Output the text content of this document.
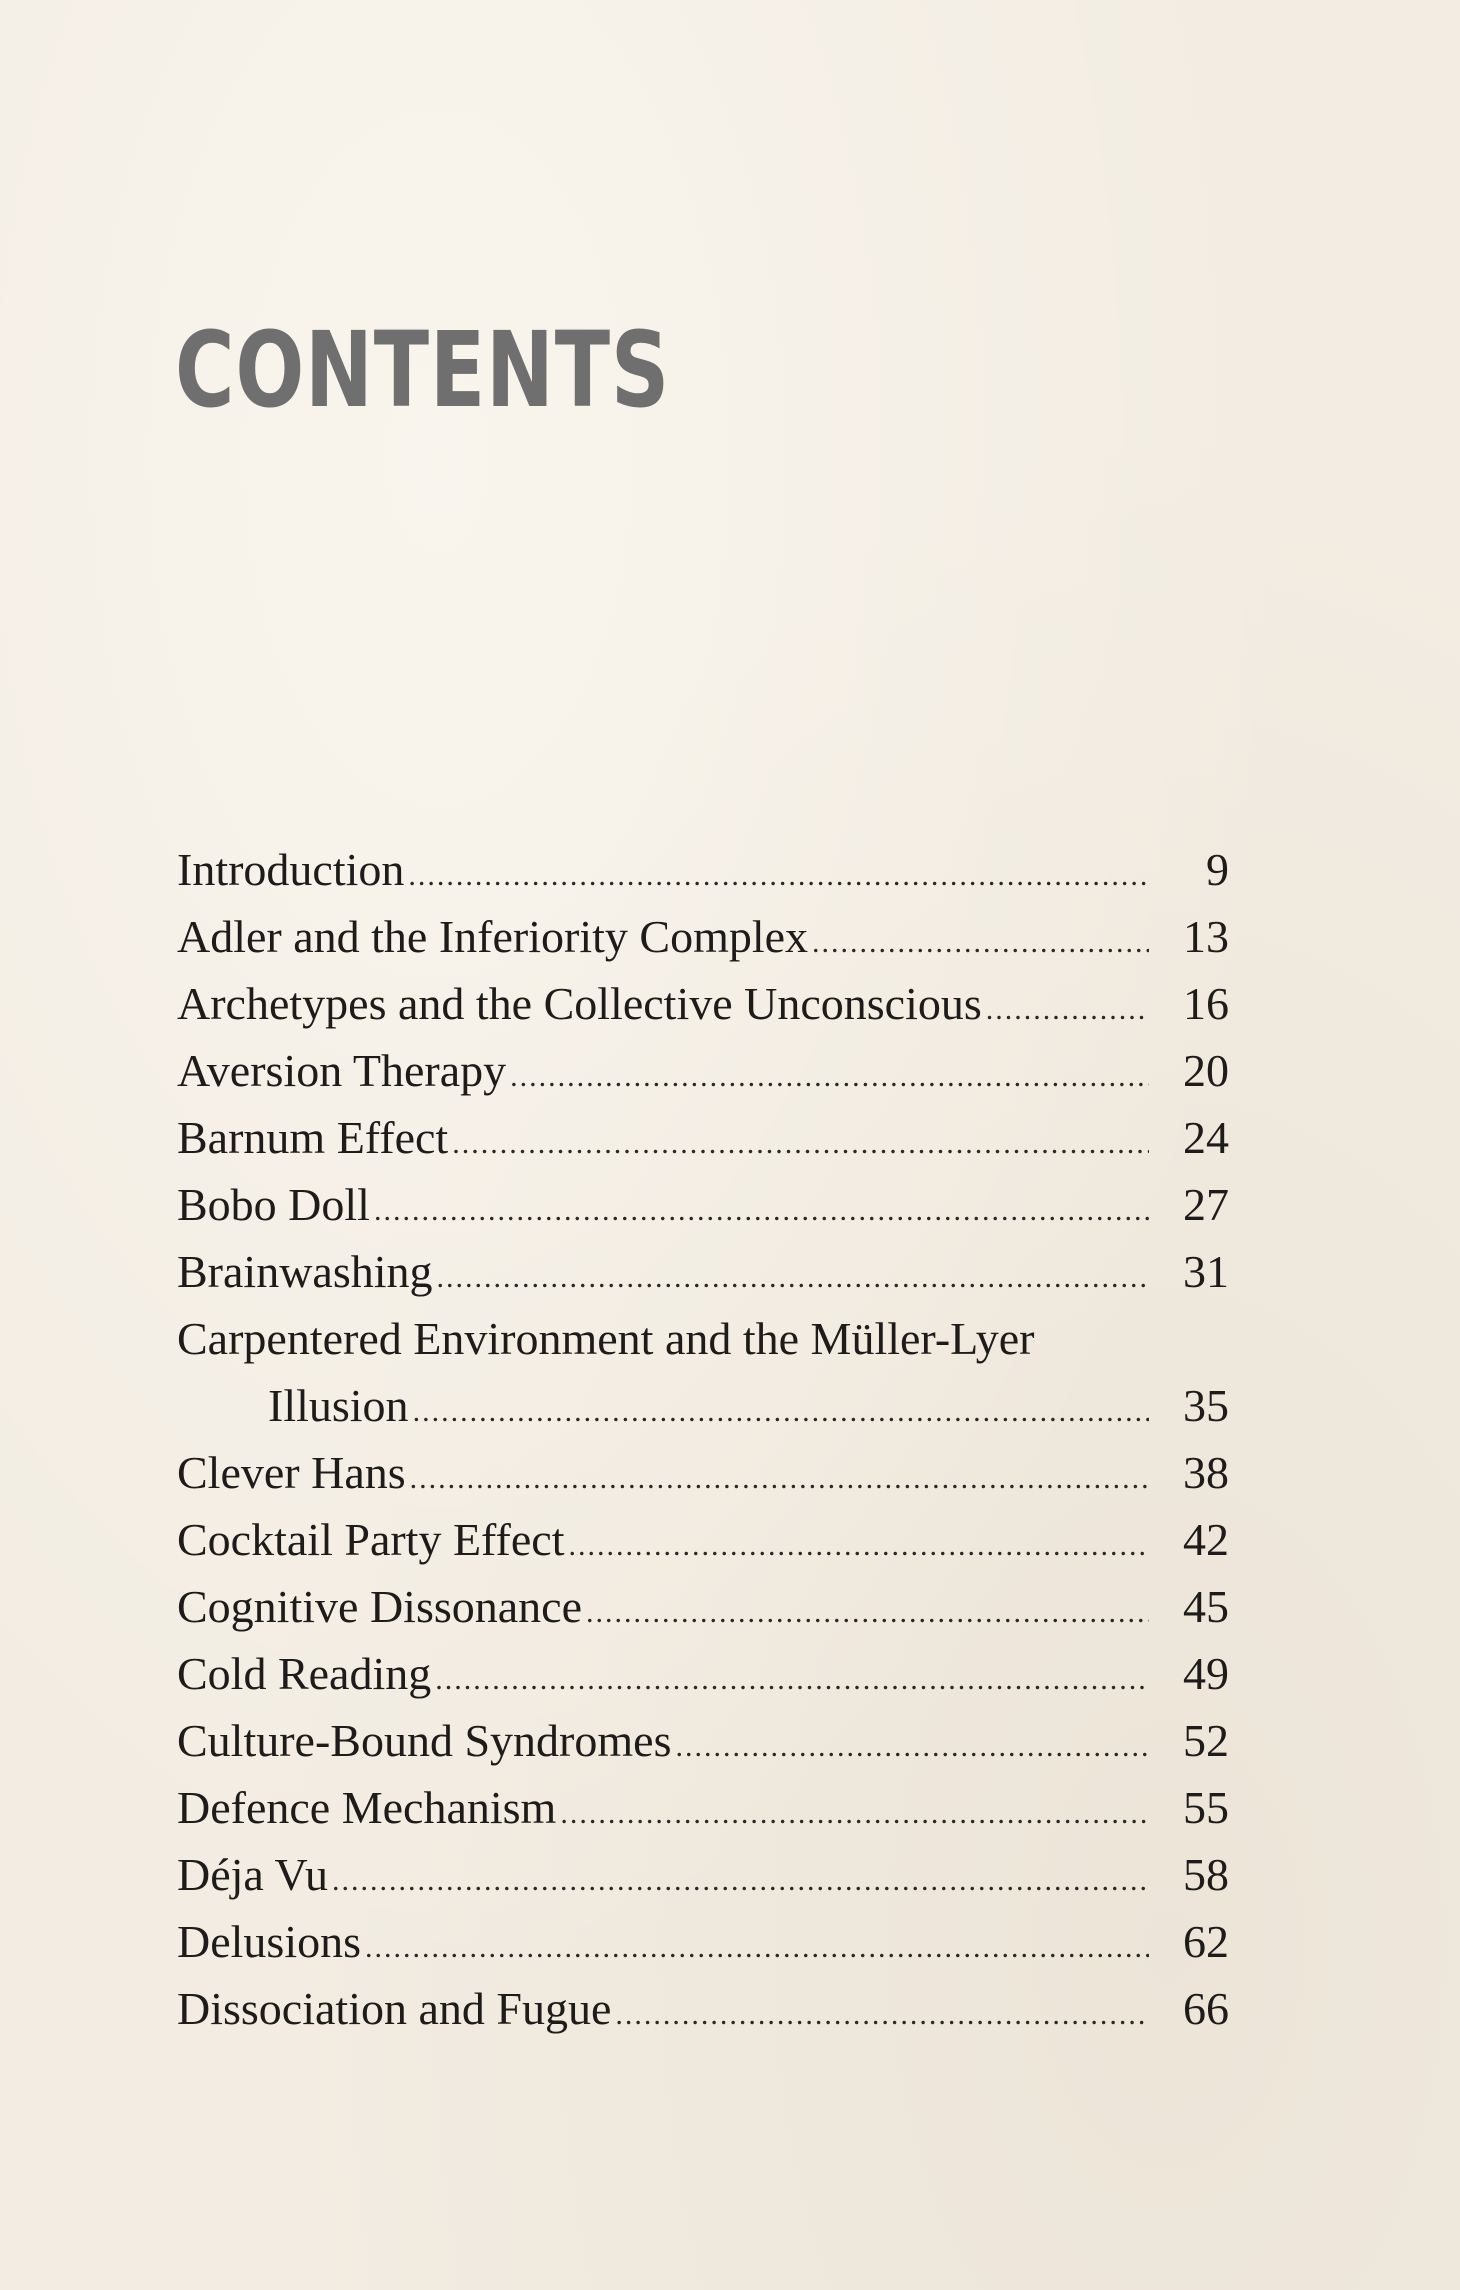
CONTENTS
Introduction .....	9
Adler and the Inferiority Complex .....	13
Archetypes and the Collective Unconscious .....	16
Aversion Therapy .....	20
Barnum Effect .....	24
Bobo Doll .....	27
Brainwashing .....	31
Carpentered Environment and the Müller-Lyer
Illusion .....	35
Clever Hans .....	38
Cocktail Party Effect .....	42
Cognitive Dissonance .....	45
Cold Reading .....	49
Culture-Bound Syndromes .....	52
Defence Mechanism .....	55
Déja Vu .....	58
Delusions .....	62
Dissociation and Fugue .....	66
